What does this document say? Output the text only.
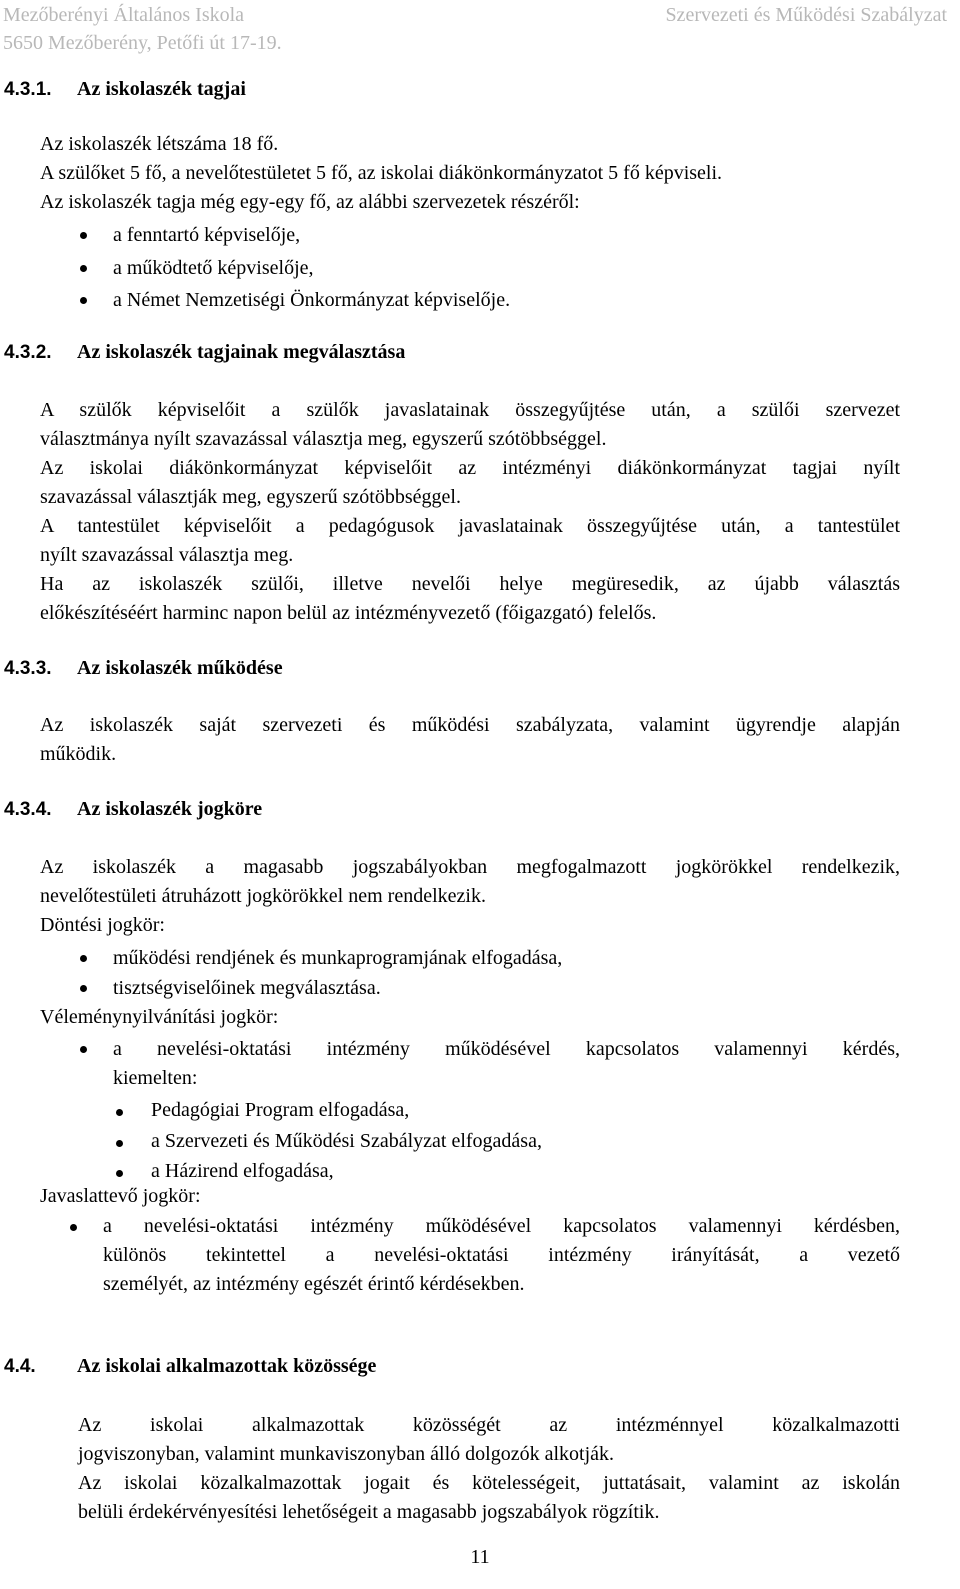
Mezőberényi Általános Iskola
5650 Mezőberény, Petőfi út 17-19.
Szervezeti és Működési Szabályzat
4.3.1. Az iskolaszék tagjai
Az iskolaszék létszáma 18 fő.
A szülőket 5 fő, a nevelőtestületet 5 fő, az iskolai diákönkormányzatot 5 fő képviseli.
Az iskolaszék tagja még egy-egy fő, az alábbi szervezetek részéről:
a fenntartó képviselője,
a működtető képviselője,
a Német Nemzetiségi Önkormányzat képviselője.
4.3.2. Az iskolaszék tagjainak megválasztása
A szülők képviselőit a szülők javaslatainak összegyűjtése után, a szülői szervezet
választmánya nyílt szavazással választja meg, egyszerű szótöbbséggel.
Az iskolai diákönkormányzat képviselőit az intézményi diákönkormányzat tagjai nyílt
szavazással választják meg, egyszerű szótöbbséggel.
A tantestület képviselőit a pedagógusok javaslatainak összegyűjtése után, a tantestület
nyílt szavazással választja meg.
Ha az iskolaszék szülői, illetve nevelői helye megüresedik, az újabb választás
előkészítéséért harminc napon belül az intézményvezető (főigazgató) felelős.
4.3.3. Az iskolaszék működése
Az iskolaszék saját szervezeti és működési szabályzata, valamint ügyrendje alapján
működik.
4.3.4. Az iskolaszék jogköre
Az iskolaszék a magasabb jogszabályokban megfogalmazott jogkörökkel rendelkezik,
nevelőtestületi átruházott jogkörökkel nem rendelkezik.
Döntési jogkör:
működési rendjének és munkaprogramjának elfogadása,
tisztségviselőinek megválasztása.
Véleménynyilvánítási jogkör:
a nevelési-oktatási intézmény működésével kapcsolatos valamennyi kérdés,
kiemelten:
Pedagógiai Program elfogadása,
a Szervezeti és Működési Szabályzat elfogadása,
a Házirend elfogadása,
Javaslattevő jogkör:
a nevelési-oktatási intézmény működésével kapcsolatos valamennyi kérdésben,
különös tekintettel a nevelési-oktatási intézmény irányítását, a vezető
személyét, az intézmény egészét érintő kérdésekben.
4.4. Az iskolai alkalmazottak közössége
Az iskolai alkalmazottak közösségét az intézménnyel közalkalmazotti
jogviszonyban, valamint munkaviszonyban álló dolgozók alkotják.
Az iskolai közalkalmazottak jogait és kötelességeit, juttatásait, valamint az iskolán
belüli érdekérvényesítési lehetőségeit a magasabb jogszabályok rögzítik.
11
